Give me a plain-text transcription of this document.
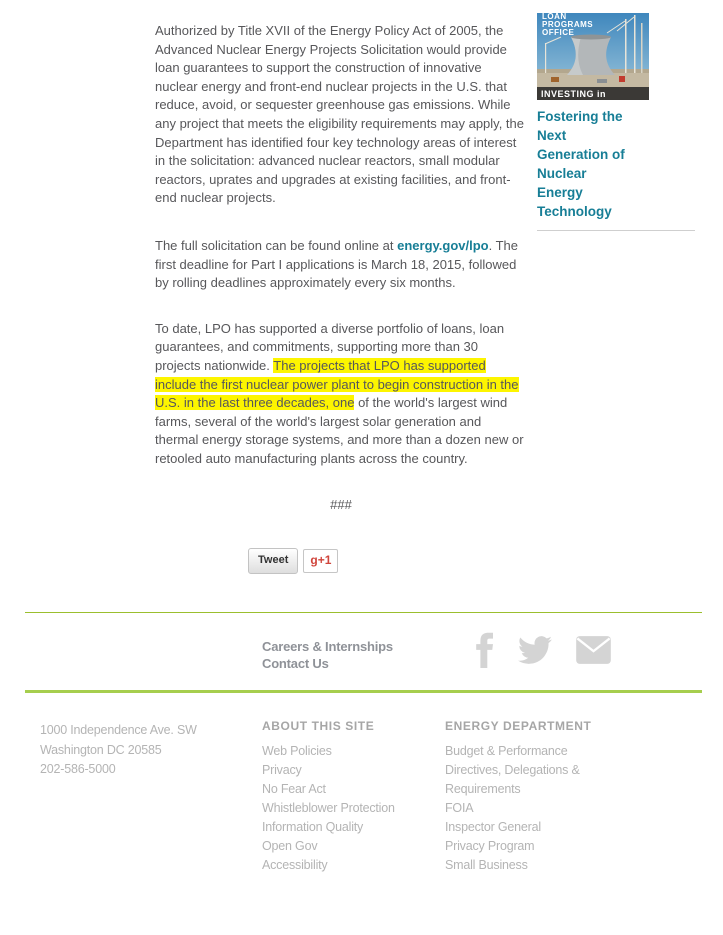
Authorized by Title XVII of the Energy Policy Act of 2005, the Advanced Nuclear Energy Projects Solicitation would provide loan guarantees to support the construction of innovative nuclear energy and front-end nuclear projects in the U.S. that reduce, avoid, or sequester greenhouse gas emissions. While any project that meets the eligibility requirements may apply, the Department has identified four key technology areas of interest in the solicitation: advanced nuclear reactors, small modular reactors, uprates and upgrades at existing facilities, and front-end nuclear projects.

The full solicitation can be found online at energy.gov/lpo. The first deadline for Part I applications is March 18, 2015, followed by rolling deadlines approximately every six months.

To date, LPO has supported a diverse portfolio of loans, loan guarantees, and commitments, supporting more than 30 projects nationwide. The projects that LPO has supported include the first nuclear power plant to begin construction in the U.S. in the last three decades, one of the world's largest wind farms, several of the world's largest solar generation and thermal energy storage systems, and more than a dozen new or retooled auto manufacturing plants across the country.

###

Tweet	g+1
LOAN
PROGRAMS
OFFICE
INVESTING in
Fostering the Next Generation of Nuclear Energy Technology
Careers & Internships
Contact Us
1000 Independence Ave. SW
Washington DC 20585
202-586-5000

ABOUT THIS SITE

Web Policies
Privacy
No Fear Act
Whistleblower Protection
Information Quality
Open Gov
Accessibility

ENERGY DEPARTMENT

Budget & Performance
Directives, Delegations & Requirements
FOIA
Inspector General
Privacy Program
Small Business
